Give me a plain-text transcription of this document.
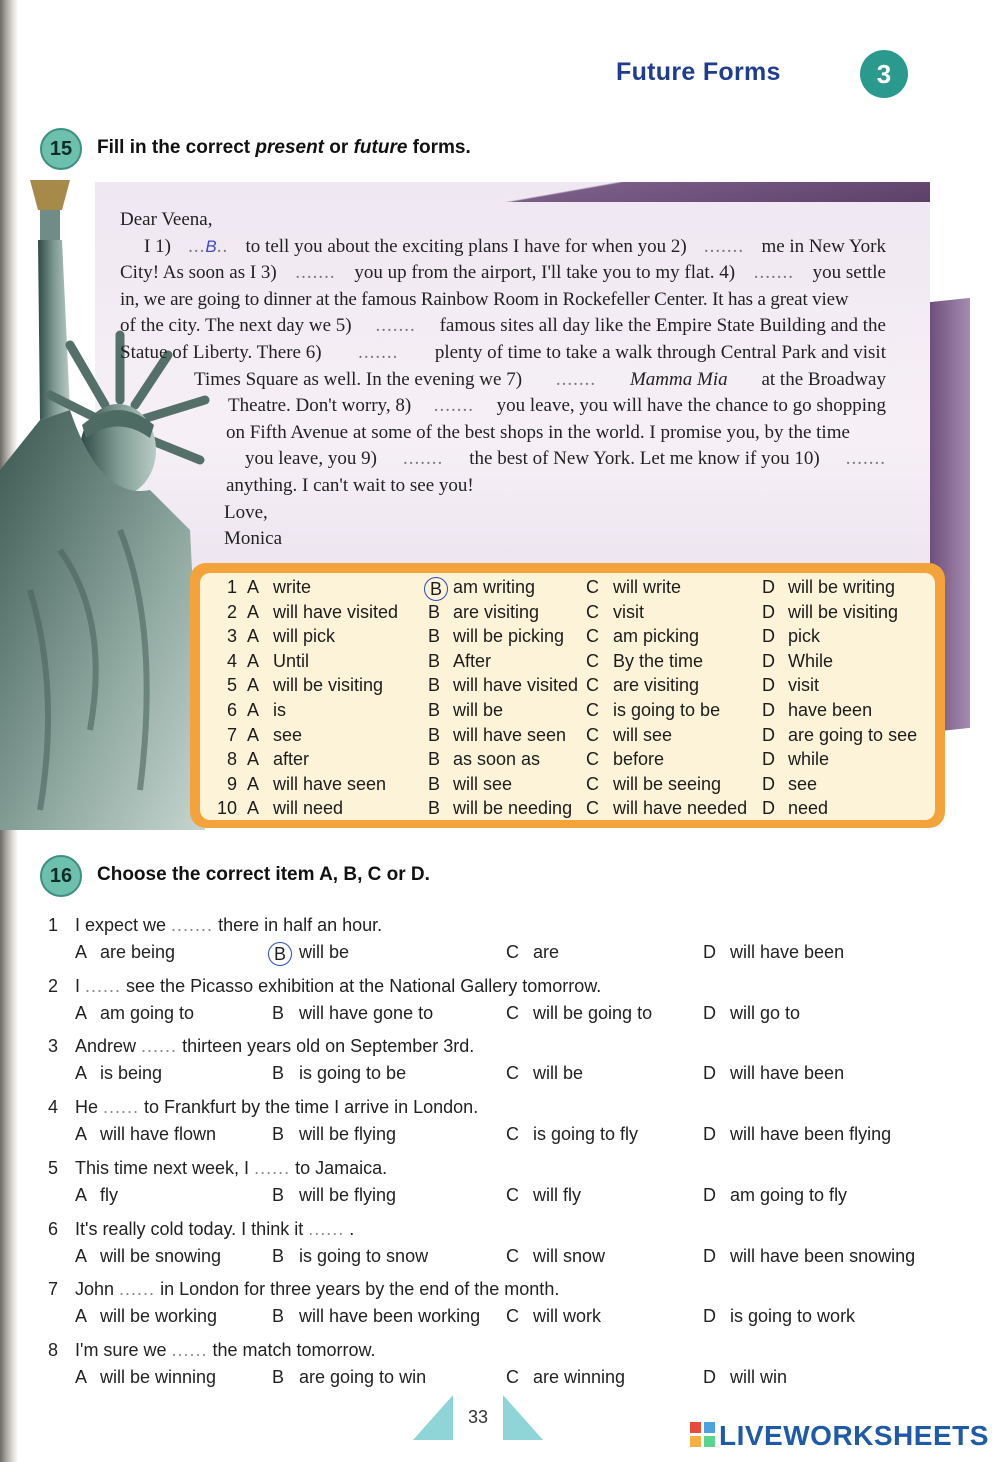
Future Forms	3
15	Fill in the correct present or future forms.
Dear Veena,
I 1) ...B.. to tell you about the exciting plans I have for when you 2) ....... me in New York
City! As soon as I 3) ....... you up from the airport, I'll take you to my flat. 4) ....... you settle
in, we are going to dinner at the famous Rainbow Room in Rockefeller Center. It has a great view
of the city. The next day we 5) ....... famous sites all day like the Empire State Building and the
Statue of Liberty. There 6) ....... plenty of time to take a walk through Central Park and visit
Times Square as well. In the evening we 7) ....... Mamma Mia at the Broadway
Theatre. Don't worry, 8) ....... you leave, you will have the chance to go shopping
on Fifth Avenue at some of the best shops in the world. I promise you, by the time
you leave, you 9) ....... the best of New York. Let me know if you 10) .......
anything. I can't wait to see you!
Love,
Monica
1 A write	B am writing	C will write	D will be writing
2 A will have visited B are visiting	C visit	D will be visiting
3 A will pick	B will be picking C am picking	D pick
4 A Until	B After	C By the time	D While
5 A will be visiting B will have visited C are visiting	D visit
6 A is	B will be	C is going to be D have been
7 A see	B will have seen C will see	D are going to see
8 A after	B as soon as	C before	D while
9 A will have seen B will see	C will be seeing D see
10 A will need	B will be needing C will have needed D need
16	Choose the correct item A, B, C or D.
1 I expect we ....... there in half an hour.
A are being	B will be	C are	D will have been
2 I ...... see the Picasso exhibition at the National Gallery tomorrow.
A am going to	B will have gone to	C will be going to	D will go to
3 Andrew ...... thirteen years old on September 3rd.
A is being	B is going to be	C will be	D will have been
4 He ...... to Frankfurt by the time I arrive in London.
A will have flown	B will be flying	C is going to fly	D will have been flying
5 This time next week, I ...... to Jamaica.
A fly	B will be flying	C will fly	D am going to fly
6 It's really cold today. I think it ...... .
A will be snowing	B is going to snow	C will snow	D will have been snowing
7 John ...... in London for three years by the end of the month.
A will be working	B will have been working C will work	D is going to work
8 I'm sure we ...... the match tomorrow.
A will be winning	B are going to win	C are winning	D will win
33
LIVEWORKSHEETS
